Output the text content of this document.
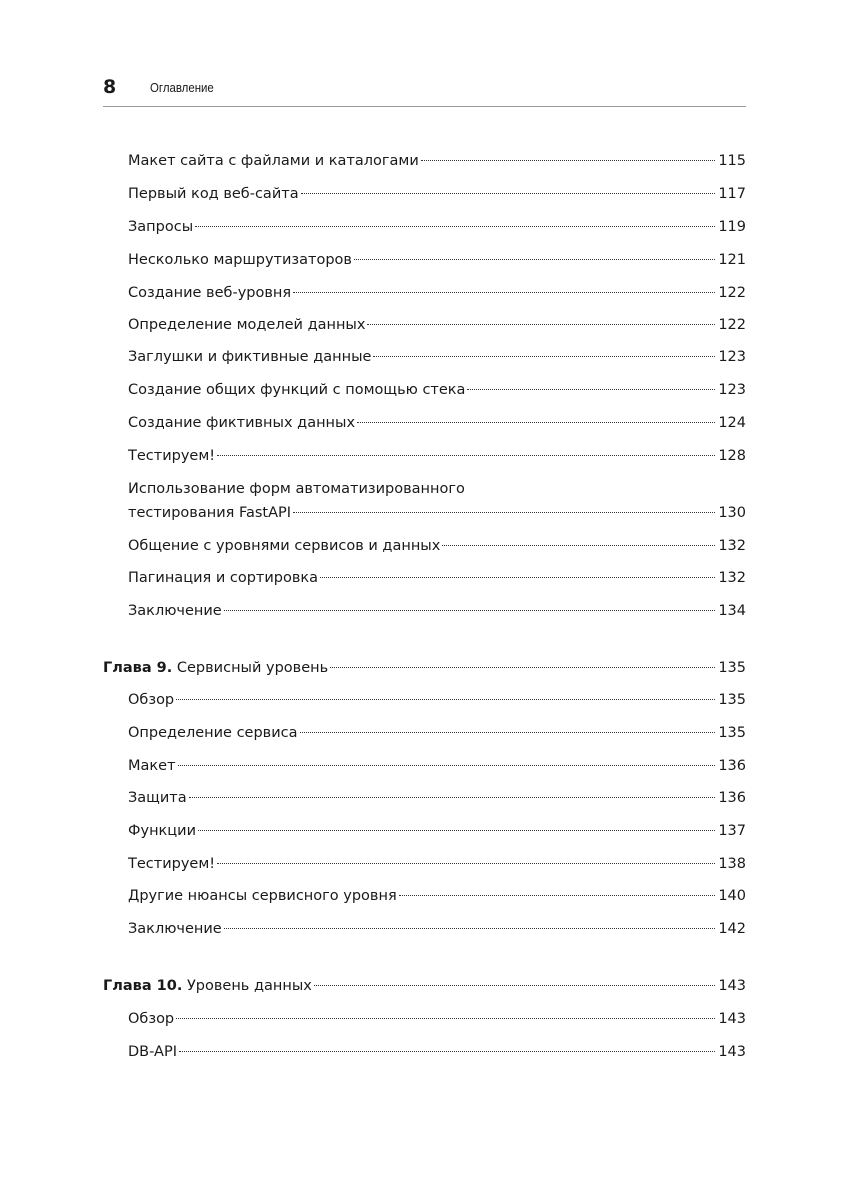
8	Оглавление
Макет сайта с файлами и каталогами	115
Первый код веб-сайта	117
Запросы	119
Несколько маршрутизаторов	121
Создание веб-уровня	122
Определение моделей данных	122
Заглушки и фиктивные данные	123
Создание общих функций с помощью стека	123
Создание фиктивных данных	124
Тестируем!	128
Использование форм автоматизированного
тестирования FastAPI	130
Общение с уровнями сервисов и данных	132
Пагинация и сортировка	132
Заключение	134
Глава 9. Сервисный уровень	135
Обзор	135
Определение сервиса	135
Макет	136
Защита	136
Функции	137
Тестируем!	138
Другие нюансы сервисного уровня	140
Заключение	142
Глава 10. Уровень данных	143
Обзор	143
DB-API	143
